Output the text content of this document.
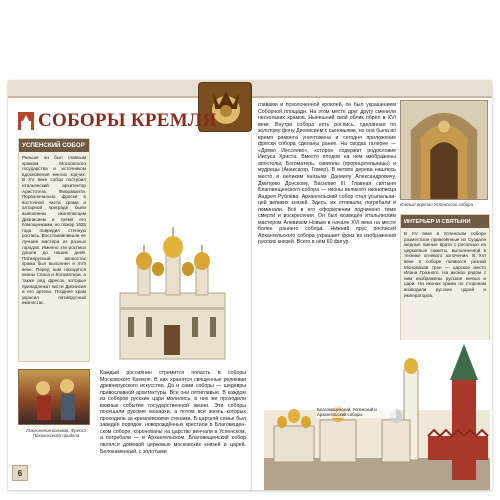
СОБОРЫ КРЕМЛЯ
УСПЕНСКИЙ СОБОР
Раньше он был главным храмом Московского государства и источником вдохновения многих зодчих. В XV веке собор построил итальянский архитектор Аристотель Фиораванти. Первоначально фрески в восточной части храма и алтарной преграде были выполнены иконописцем Дионисием и тремя его помощниками, но пожар 1626 года повредил стенную роспись. Восстанавливали ее лучшие мастера из разных городов. Именно эти росписи дошли до наших дней. Пятиярусный иконостас храма был выполнен в XVII веке. Перед ним находятся иконы Спаса и Богоматери, а также ряд фресок, которые принадлежат кисти Дионисия и его артели. Позднее храм украсил пятиярусный иконостас.
Поклонение волхвов. Фреска Похвальского придела
Каждый россиянин стремится попасть в соборы Московского Кремля. В них хранятся священные реликвии древнерусского искусства. Да и сами соборы — шедевры православной архитектуры. Все они пятиглавые. В каждом из соборов русские цари молились, в них же проходили важные события государственной жизни. Эти соборы посещали русские монархи, а потом все жизнь которых проходила за кремлёвскими стенами. В царской семье был заведён порядок: новорождённых крестили в Благовещенском соборе, коронованы на царство венчали в Успенском, а погребали — в Архангельском. Благовещенский собор являлся домовой церковью московских князей и царей. Белокаменный, с золотыми
6
главами и позолоченной кровлей, он был украшением Соборной площади. На этом месте друг другу сменили нескольких храмов. Нынешний свой облик обрёл в XVI веке. Внутри собора есть роспись, сделанная по золотому фону Дионисием с сыновьями, но она была во время ремонта уничтожена и сегодня приложение фрески собора сделаны ранее. На сводах галерее — «Древо Иессеево», которое содержит родословие Иисуса Христа. Вместо плодов на нём изображены апостолы, Богоматерь, сивиллы (прорицательницы) и мудрецы (Анаксагор, Гомер). В ветвях дерева нашлось место и великим князьям Даниилу Александровичу, Дмитрию Донскому, Василию III. Главная святыня Благовещенского собора — иконы великого иконописца Андрея Рублёва. Архангельский собор стал усыпальницей великих князей. Здесь, их отпевали, погребали и поминали. Всё в его оформлении подчинено теме смерти и воскресения. Он был возведён итальянским мастером Алевизом Новым в начале XVI века на месте более раннего собора. Нижний ярус росписей Архангельского собора украшает фриз из изображений русских князей. Всего в нём 60 фигур.
Южный портал Успенского собора
ИНТЕРЬЕР И СВЯТЫНИ
В XV веке в Успенском соборе разместили привезённые из Суздаля медные южные врата с росписью на церковные сюжеты, выполненной в технике огневого золочения. В XVI веке в соборе появился резной Мономахов трон — царское место Ивана Грозного. На иконах рядом с ним изображены русские князья и цари. На иконах храма по сторонам возводили русских царей и императоров.
Благовещенский, Успенский и Архангельский соборы
